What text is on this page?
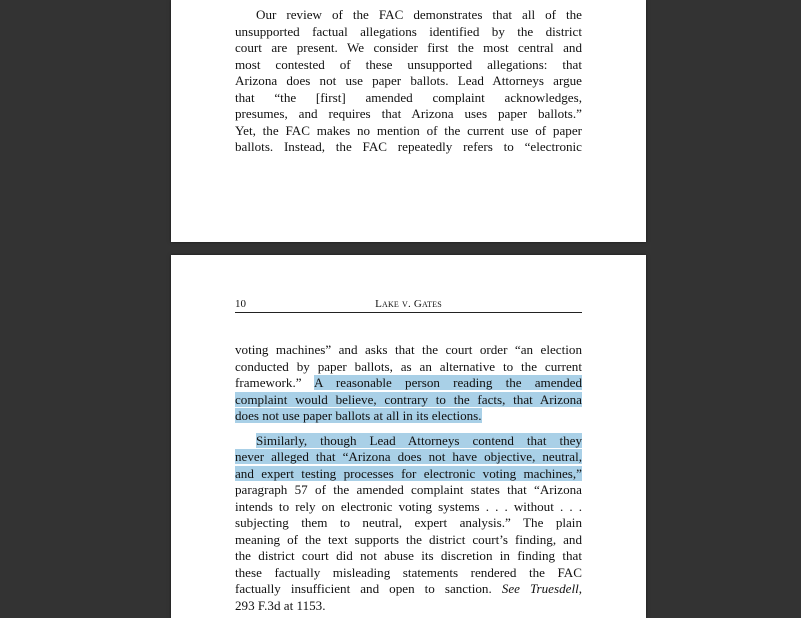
Our review of the FAC demonstrates that all of the
unsupported factual allegations identified by the district
court are present. We consider first the most central and
most contested of these unsupported allegations: that
Arizona does not use paper ballots. Lead Attorneys argue
that “the [first] amended complaint acknowledges,
presumes, and requires that Arizona uses paper ballots.”
Yet, the FAC makes no mention of the current use of paper
ballots. Instead, the FAC repeatedly refers to “electronic
10	Lake v. Gates
voting machines” and asks that the court order “an election
conducted by paper ballots, as an alternative to the current
framework.” A reasonable person reading the amended
complaint would believe, contrary to the facts, that Arizona
does not use paper ballots at all in its elections.
Similarly, though Lead Attorneys contend that they
never alleged that “Arizona does not have objective, neutral,
and expert testing processes for electronic voting machines,”
paragraph 57 of the amended complaint states that “Arizona
intends to rely on electronic voting systems . . . without . . .
subjecting them to neutral, expert analysis.” The plain
meaning of the text supports the district court’s finding, and
the district court did not abuse its discretion in finding that
these factually misleading statements rendered the FAC
factually insufficient and open to sanction. See Truesdell,
293 F.3d at 1153.
